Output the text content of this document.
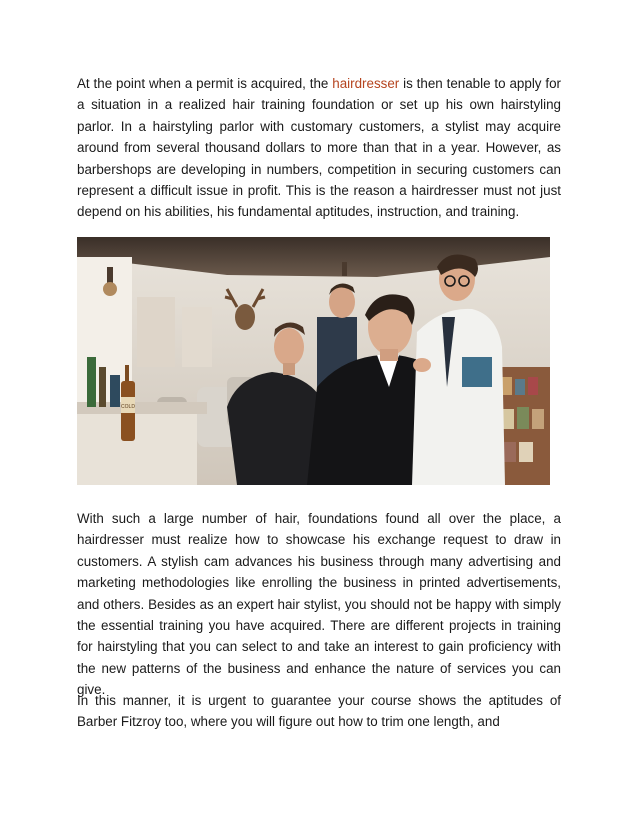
At the point when a permit is acquired, the hairdresser is then tenable to apply for a situation in a realized hair training foundation or set up his own hairstyling parlor. In a hairstyling parlor with customary customers, a stylist may acquire around from several thousand dollars to more than that in a year. However, as barbershops are developing in numbers, competition in securing customers can represent a difficult issue in profit. This is the reason a hairdresser must not just depend on his abilities, his fundamental aptitudes, instruction, and training.

COLD

With such a large number of hair, foundations found all over the place, a hairdresser must realize how to showcase his exchange request to draw in customers. A stylish cam advances his business through many advertising and marketing methodologies like enrolling the business in printed advertisements, and others. Besides as an expert hair stylist, you should not be happy with simply the essential training you have acquired. There are different projects in training for hairstyling that you can select to and take an interest to gain proficiency with the new patterns of the business and enhance the nature of services you can give.

In this manner, it is urgent to guarantee your course shows the aptitudes of Barber Fitzroy too, where you will figure out how to trim one length, and
